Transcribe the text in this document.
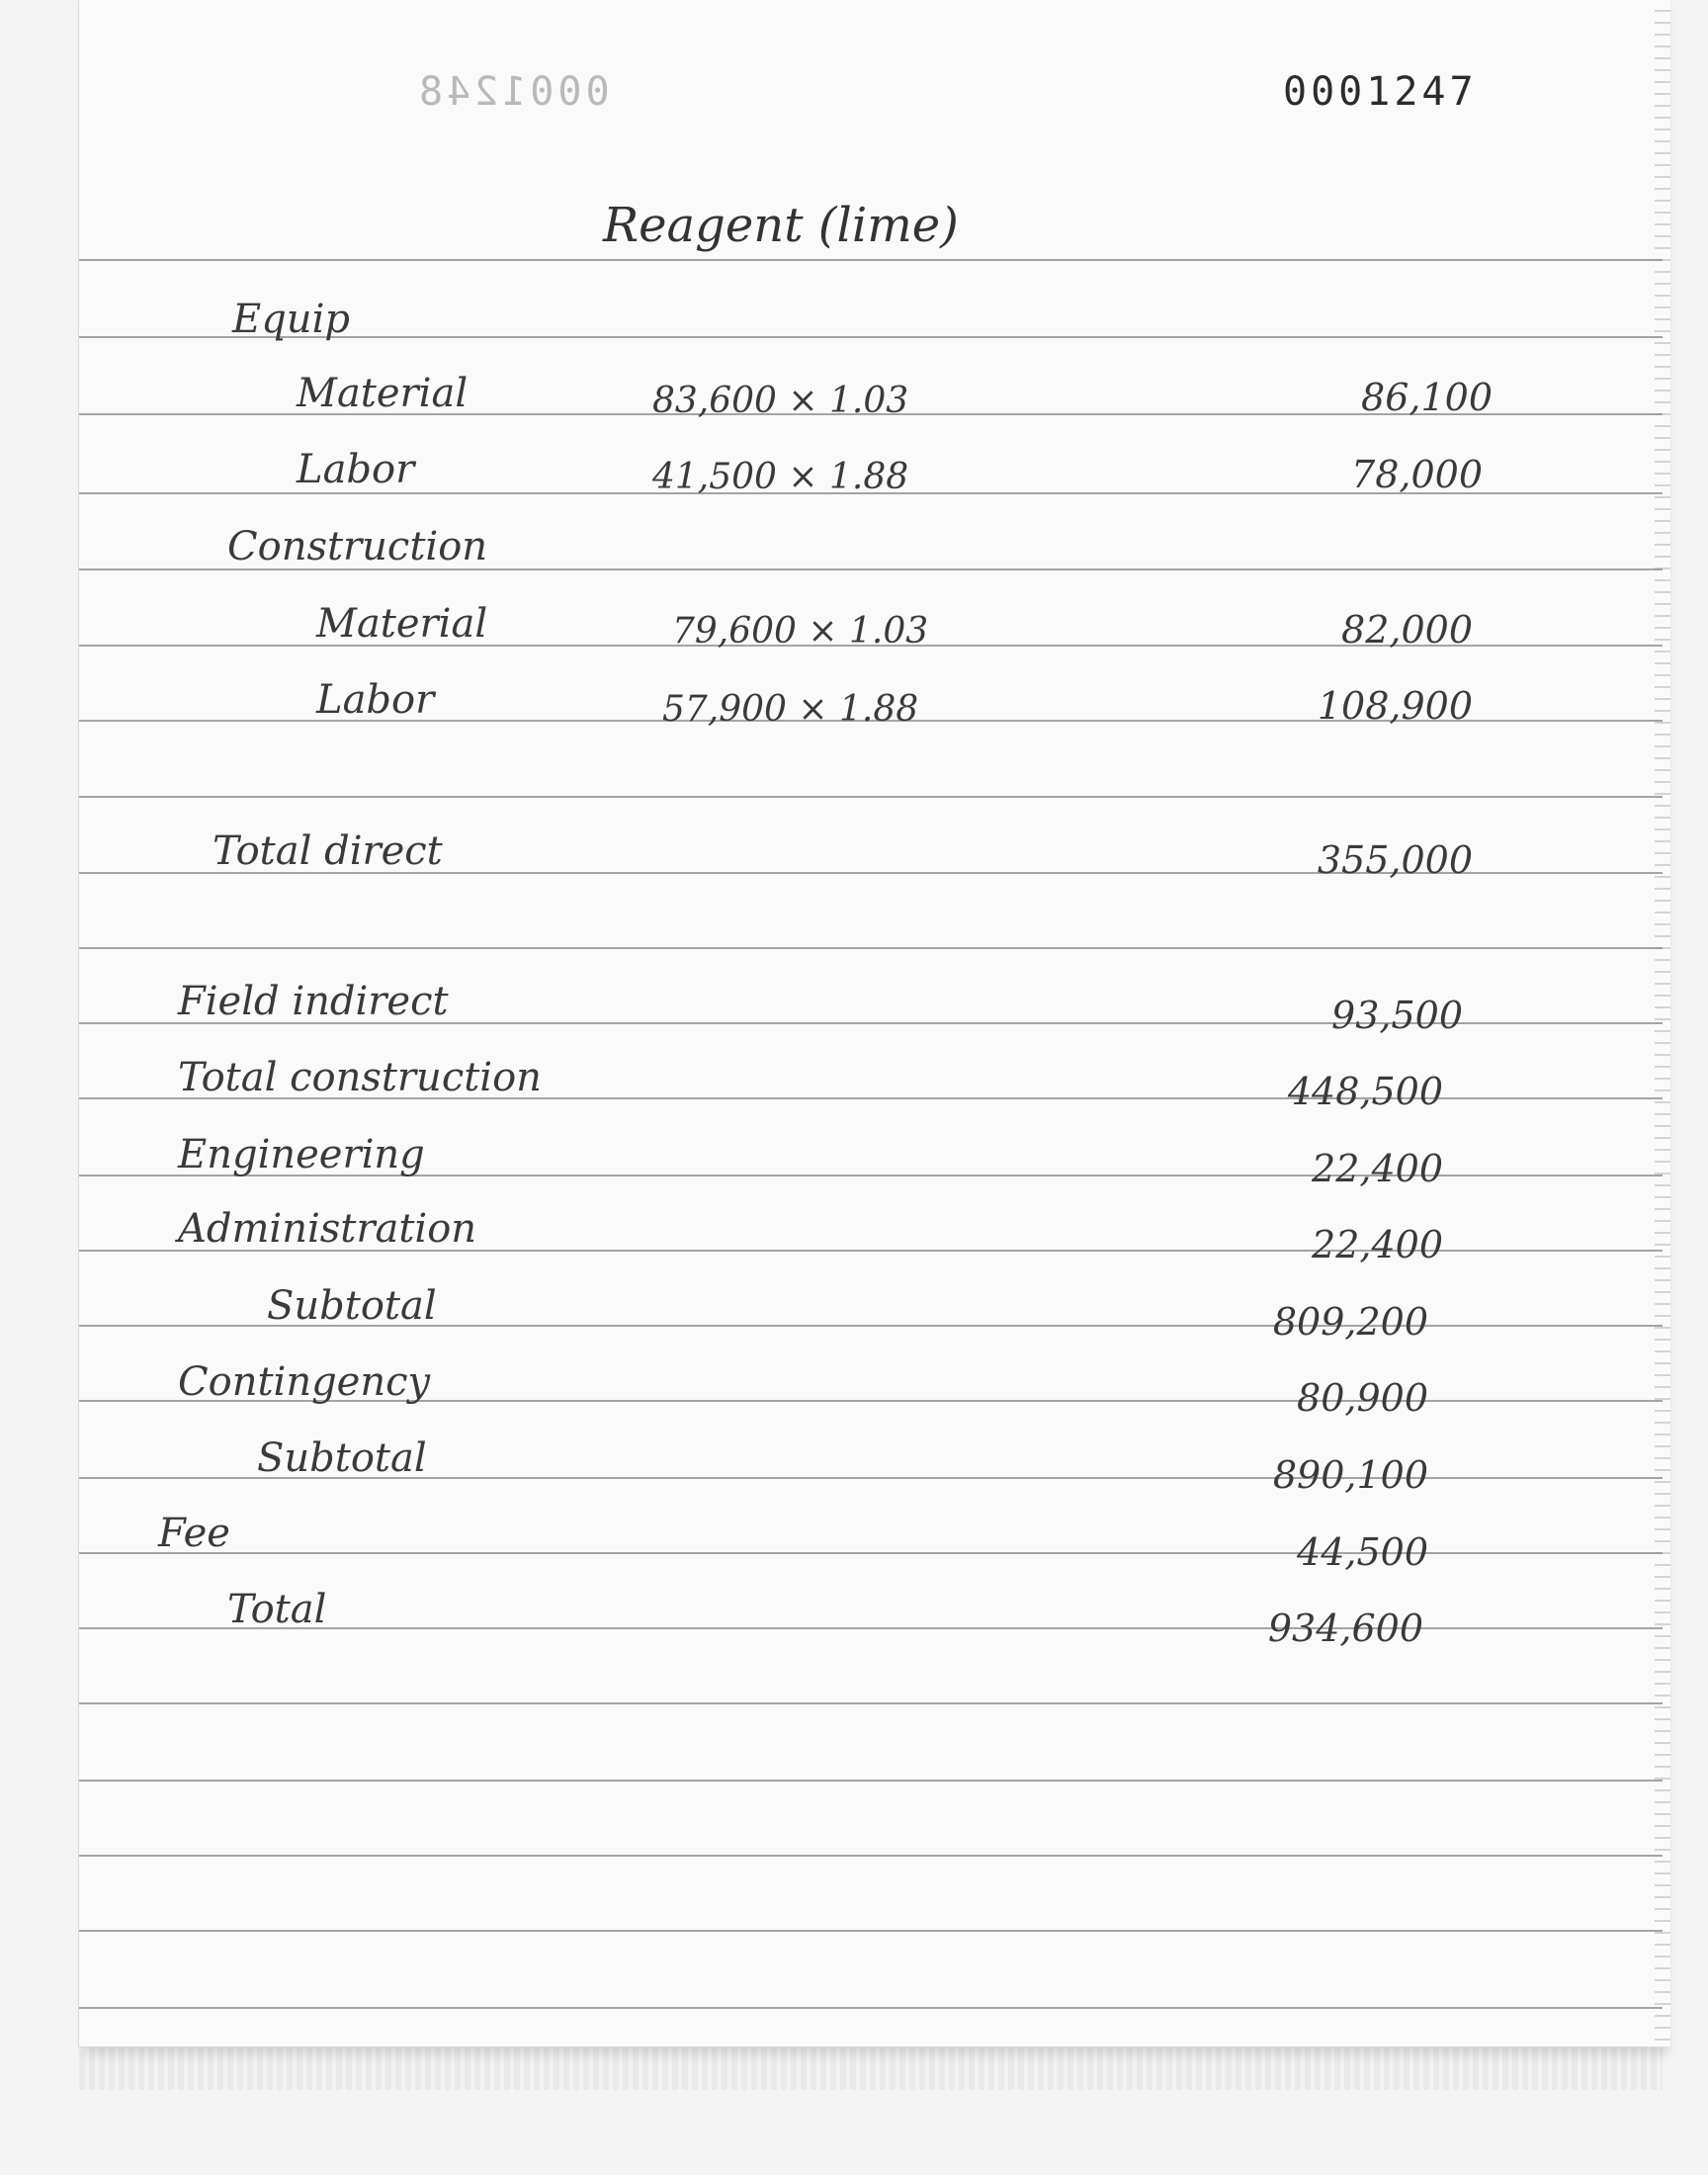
0001248	0001247
Reagent (lime)
Equip
Material	83,600 × 1.03	86,100
Labor	41,500 × 1.88	78,000
Construction
Material	79,600 × 1.03	82,000
Labor	57,900 × 1.88	108,900
Total direct	355,000
Field indirect	93,500
Total construction	448,500
Engineering	22,400
Administration	22,400
Subtotal	809,200
Contingency	80,900
Subtotal	890,100
Fee	44,500
Total	934,600
